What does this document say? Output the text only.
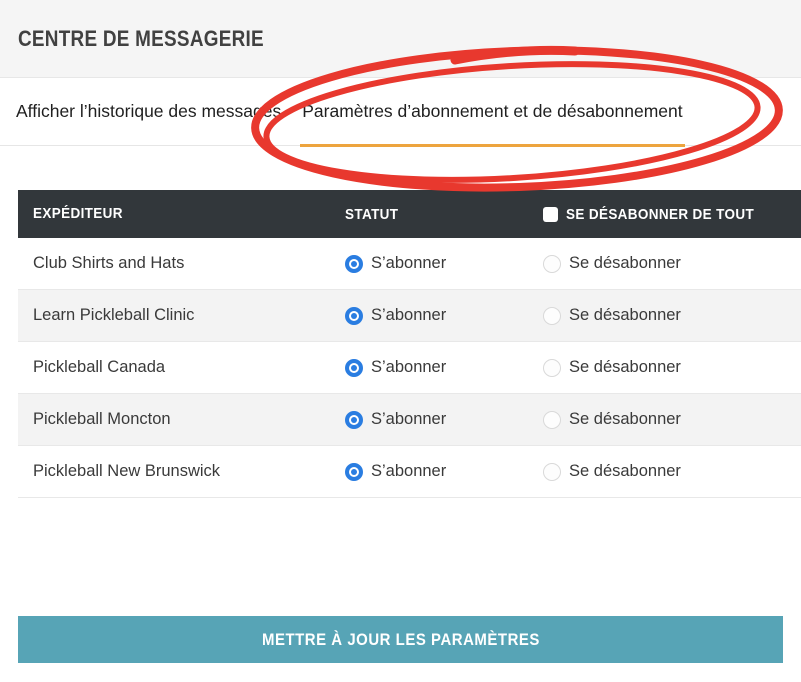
CENTRE DE MESSAGERIE
Afficher l’historique des messages Paramètres d’abonnement et de désabonnement
EXPÉDITEUR	STATUT	SE DÉSABONNER DE TOUT
Club Shirts and Hats	S’abonner	Se désabonner
Learn Pickleball Clinic	S’abonner	Se désabonner
Pickleball Canada	S’abonner	Se désabonner
Pickleball Moncton	S’abonner	Se désabonner
Pickleball New Brunswick	S’abonner	Se désabonner
METTRE À JOUR LES PARAMÈTRES
